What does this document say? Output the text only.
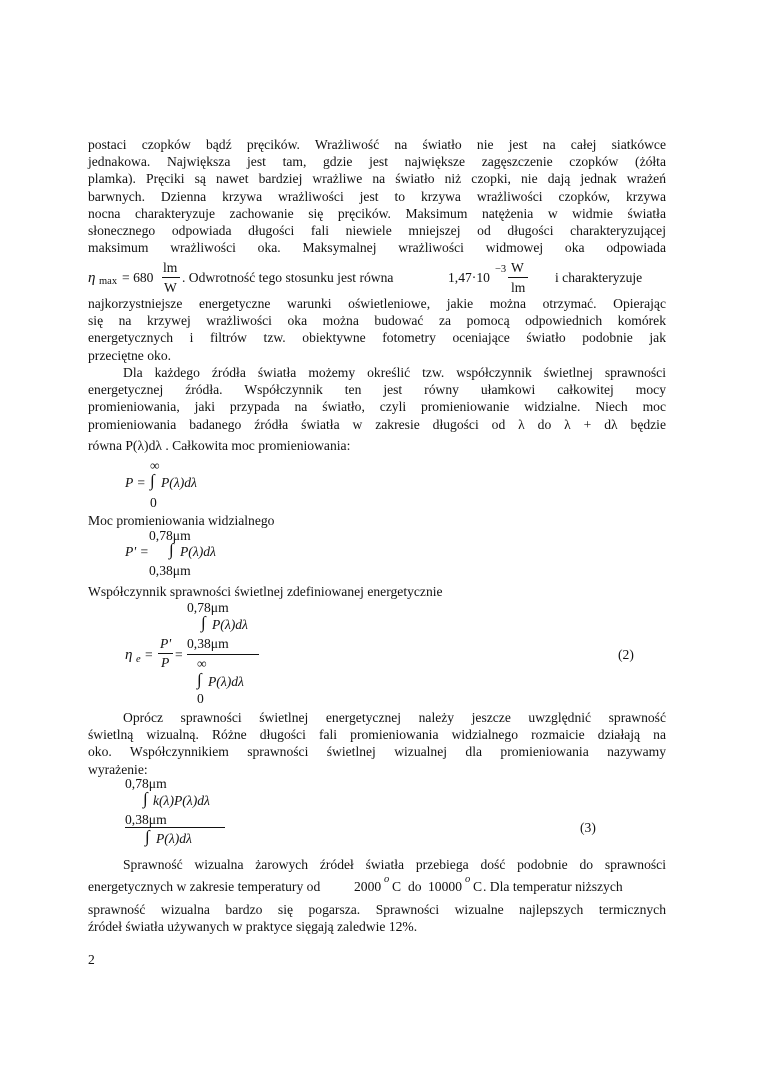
postaci czopków bądź pręcików. Wrażliwość na światło nie jest na całej siatkówce
jednakowa. Największa jest tam, gdzie jest największe zagęszczenie czopków (żółta
plamka). Pręciki są nawet bardziej wrażliwe na światło niż czopki, nie dają jednak wrażeń
barwnych. Dzienna krzywa wrażliwości jest to krzywa wrażliwości czopków, krzywa
nocna charakteryzuje zachowanie się pręcików. Maksimum natężenia w widmie światła
słonecznego odpowiada długości fali niewiele mniejszej od długości charakteryzującej
maksimum wrażliwości oka. Maksymalnej wrażliwości widmowej oka odpowiada
η max = 680
lm
W
. Odwrotność tego stosunku jest równa	1,47·10
−3 W
lm
i charakteryzuje
najkorzystniejsze energetyczne warunki oświetleniowe, jakie można otrzymać. Opierając
się na krzywej wrażliwości oka można budować za pomocą odpowiednich komórek
energetycznych i filtrów tzw. obiektywne fotometry oceniające światło podobnie jak
przeciętne oko.
Dla każdego źródła światła możemy określić tzw. współczynnik świetlnej sprawności
energetycznej źródła. Współczynnik ten jest równy ułamkowi całkowitej mocy
promieniowania, jaki przypada na światło, czyli promieniowanie widzialne. Niech moc
promieniowania badanego źródła światła w zakresie długości od λ do λ + dλ będzie
równa P(λ)dλ . Całkowita moc promieniowania:
P =
∞
∫ P(λ)dλ
0
Moc promieniowania widzialnego
P' =
0,78μm
∫ P(λ)dλ
0,38μm
Współczynnik sprawności świetlnej zdefiniowanej energetycznie
0,78μm
∫ P(λ)dλ
0,38μm
η e =
P'
P
=
∞
∫ P(λ)dλ
0
(2)
Oprócz sprawności świetlnej energetycznej należy jeszcze uwzględnić sprawność
świetlną wizualną. Różne długości fali promieniowania widzialnego rozmaicie działają na
oko. Współczynnikiem sprawności świetlnej wizualnej dla promieniowania nazywamy
wyrażenie:
0,78μm
∫ k(λ)P(λ)dλ
0,38μm
∫ P(λ)dλ
(3)
Sprawność wizualna żarowych źródeł światła przebiega dość podobnie do sprawności
energetycznych w zakresie temperatury od 2000 o C do 10000 o C . Dla temperatur niższych
sprawność wizualna bardzo się pogarsza. Sprawności wizualne najlepszych termicznych
źródeł światła używanych w praktyce sięgają zaledwie 12%.
2
